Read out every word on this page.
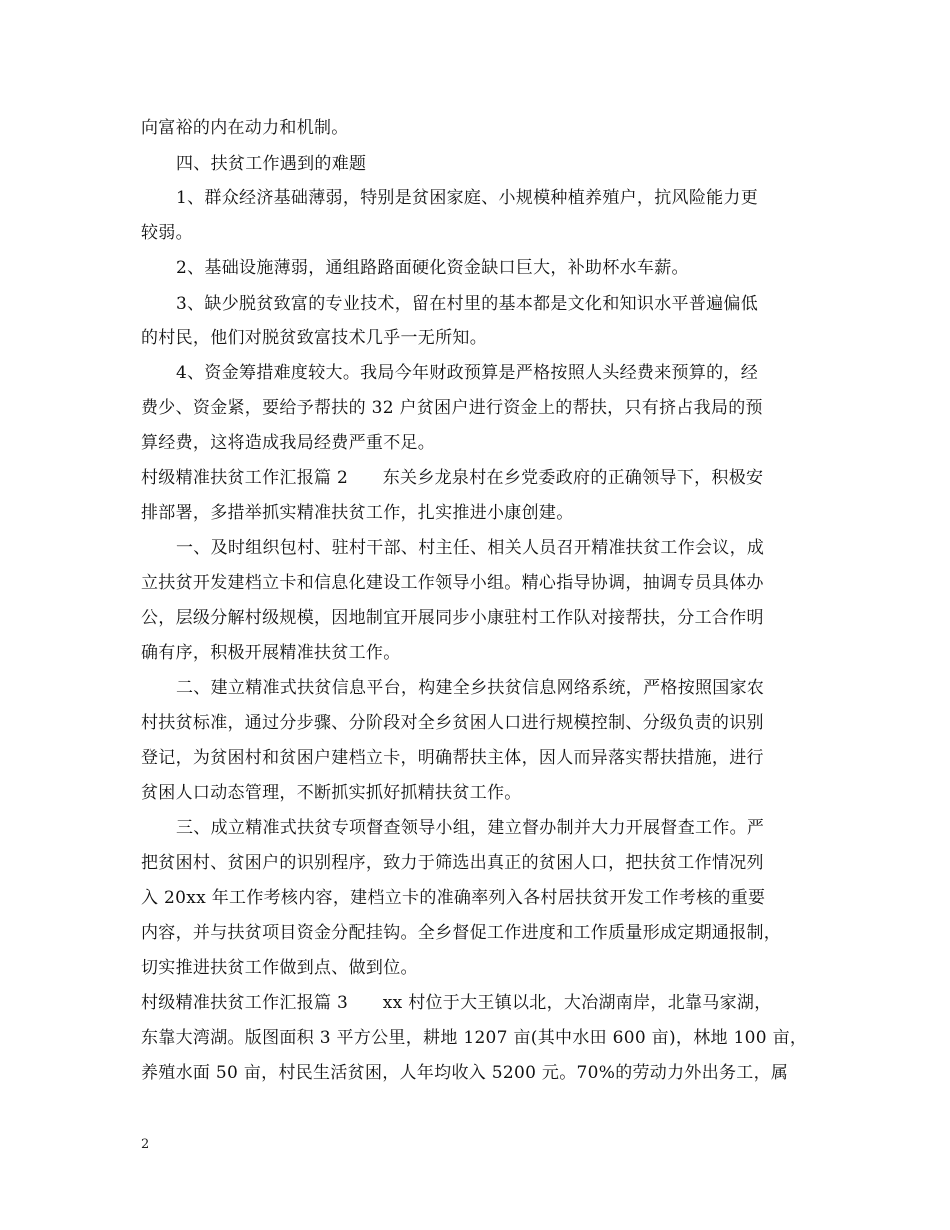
向富裕的内在动力和机制。
四、扶贫工作遇到的难题
1、群众经济基础薄弱，特别是贫困家庭、小规模种植养殖户，抗风险能力更
较弱。
2、基础设施薄弱，通组路路面硬化资金缺口巨大，补助杯水车薪。
3、缺少脱贫致富的专业技术，留在村里的基本都是文化和知识水平普遍偏低
的村民，他们对脱贫致富技术几乎一无所知。
4、资金筹措难度较大。我局今年财政预算是严格按照人头经费来预算的，经
费少、资金紧，要给予帮扶的 32 户贫困户进行资金上的帮扶，只有挤占我局的预
算经费，这将造成我局经费严重不足。
村级精准扶贫工作汇报篇 2　　东关乡龙泉村在乡党委政府的正确领导下，积极安
排部署，多措举抓实精准扶贫工作，扎实推进小康创建。
一、及时组织包村、驻村干部、村主任、相关人员召开精准扶贫工作会议，成
立扶贫开发建档立卡和信息化建设工作领导小组。精心指导协调，抽调专员具体办
公，层级分解村级规模，因地制宜开展同步小康驻村工作队对接帮扶，分工合作明
确有序，积极开展精准扶贫工作。
二、建立精准式扶贫信息平台，构建全乡扶贫信息网络系统，严格按照国家农
村扶贫标准，通过分步骤、分阶段对全乡贫困人口进行规模控制、分级负责的识别
登记，为贫困村和贫困户建档立卡，明确帮扶主体，因人而异落实帮扶措施，进行
贫困人口动态管理，不断抓实抓好抓精扶贫工作。
三、成立精准式扶贫专项督查领导小组，建立督办制并大力开展督查工作。严
把贫困村、贫困户的识别程序，致力于筛选出真正的贫困人口，把扶贫工作情况列
入 20xx 年工作考核内容，建档立卡的准确率列入各村居扶贫开发工作考核的重要
内容，并与扶贫项目资金分配挂钩。全乡督促工作进度和工作质量形成定期通报制，
切实推进扶贫工作做到点、做到位。
村级精准扶贫工作汇报篇 3　　xx 村位于大王镇以北，大冶湖南岸，北靠马家湖，
东靠大湾湖。版图面积 3 平方公里，耕地 1207 亩(其中水田 600 亩)，林地 100 亩，
养殖水面 50 亩，村民生活贫困，人年均收入 5200 元。70%的劳动力外出务工，属
2
